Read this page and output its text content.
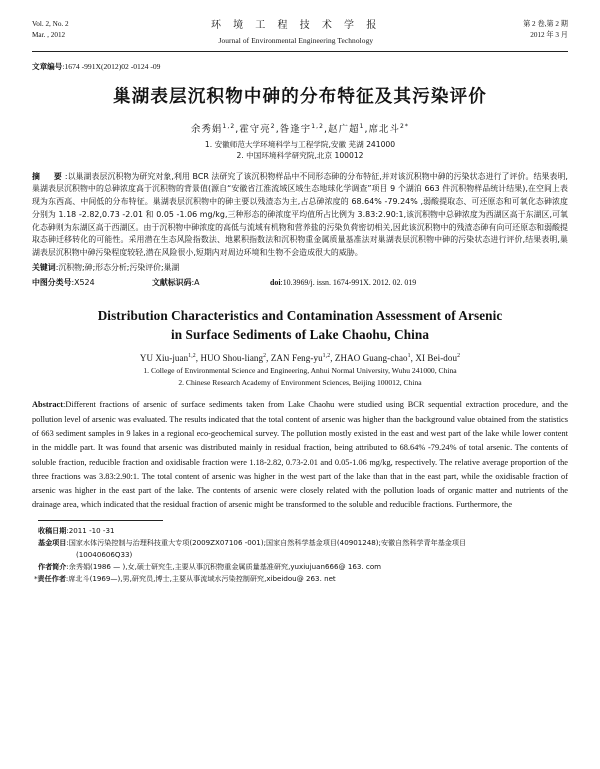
Vol. 2, No. 2
Mar. , 2012
环 境 工 程 技 术 学 报
Journal of Environmental Engineering Technology
第 2 卷,第 2 期
2012 年 3 月
文章编号:1674 -991X(2012)02 -0124 -09
巢湖表层沉积物中砷的分布特征及其污染评价
余秀娟$^{1,2}$,霍守亮$^2$,昝逢宇$^{1,2}$,赵广超$^1$,席北斗$^{2*}$
1. 安徽师范大学环境科学与工程学院,安徽 芜湖 241000
2. 中国环境科学研究院,北京 100012
摘　要:以巢湖表层沉积物为研究对象,利用 BCR 法研究了该沉积物样品中不同形态砷的分布特征,并对该沉积物中砷的污染状态进行了评价。结果表明,巢湖表层沉积物中的总砷浓度高于沉积物的背景值(源自“安徽省江淮流域区域生态地球化学调查”项目 9 个湖泊 663 件沉积物样品统计结果),在空间上表现为东西高、中间低的分布特征。巢湖表层沉积物中的砷主要以残渣态为主,占总砷浓度的 68.64% -79.24% ,弱酸提取态、可还原态和可氧化态砷浓度分别为 1.18 -2.82,0.73 -2.01 和 0.05 -1.06 mg/kg,三种形态的砷浓度平均值所占比例为 3.83:2.90:1,该沉积物中总砷浓度为西湖区高于东湖区,可氧化态砷则为东湖区高于西湖区。由于沉积物中砷浓度的高低与流域有机物和营养盐的污染负荷密切相关,因此该沉积物中的残渣态砷有向可还原态和弱酸提取态砷迁移转化的可能性。采用潜在生态风险指数法、地累积指数法和沉积物重金属质量基准法对巢湖表层沉积物中砷的污染状态进行评价,结果表明,巢湖表层沉积物中砷污染程度较轻,潜在风险很小,短期内对周边环境和生物不会造成很大的威胁。
关键词:沉积物;砷;形态分析;污染评价;巢湖
中图分类号:X524	文献标识码:A	doi:10.3969/j. issn. 1674-991X. 2012. 02. 019
Distribution Characteristics and Contamination Assessment of Arsenic
in Surface Sediments of Lake Chaohu, China
YU Xiu-juan$^{1,2}$, HUO Shou-liang$^2$, ZAN Feng-yu$^{1,2}$, ZHAO Guang-chao$^1$, XI Bei-dou$^2$
1. College of Environmental Science and Engineering, Anhui Normal University, Wuhu 241000, China
2. Chinese Research Academy of Environment Sciences, Beijing 100012, China
Abstract:Different fractions of arsenic of surface sediments taken from Lake Chaohu were studied using BCR sequential extraction procedure, and the pollution level of arsenic was evaluated. The results indicated that the total content of arsenic was higher than the background value obtained from the statistics of 663 sediment samples in 9 lakes in a regional eco-geochemical survey. The pollution mostly existed in the east and west part of the lake while lower content in the middle part. It was found that arsenic was distributed mainly in residual fraction, being attributed to 68.64% -79.24% of total arsenic. The contents of soluble fraction, reducible fraction and oxidisable fraction were 1.18-2.82, 0.73-2.01 and 0.05-1.06 mg/kg, respectively. The relative average proportion of the three fractions was 3.83:2.90:1. The total content of arsenic was higher in the west part of the lake than that in the east part, while the oxidisable fraction of arsenic was higher in the east part of the lake. The contents of arsenic were closely related with the pollution loads of organic matter and nutrients of the drainage area, which indicated that the residual fraction of arsenic might be transformed to the soluble and reducible fractions. Furthermore, the
收稿日期:2011 -10 -31
基金项目:国家水体污染控制与治理科技重大专项(2009ZX07106 -001);国家自然科学基金项目(40901248);安徽自然科学青年基金项目
(10040606Q33)
作者简介:余秀娟(1986 — ),女,硕士研究生,主要从事沉积物重金属质量基准研究,yuxiujuan666@ 163. com
*责任作者:席北斗(1969—),男,研究员,博士,主要从事流域水污染控制研究,xibeidou@ 263. net
